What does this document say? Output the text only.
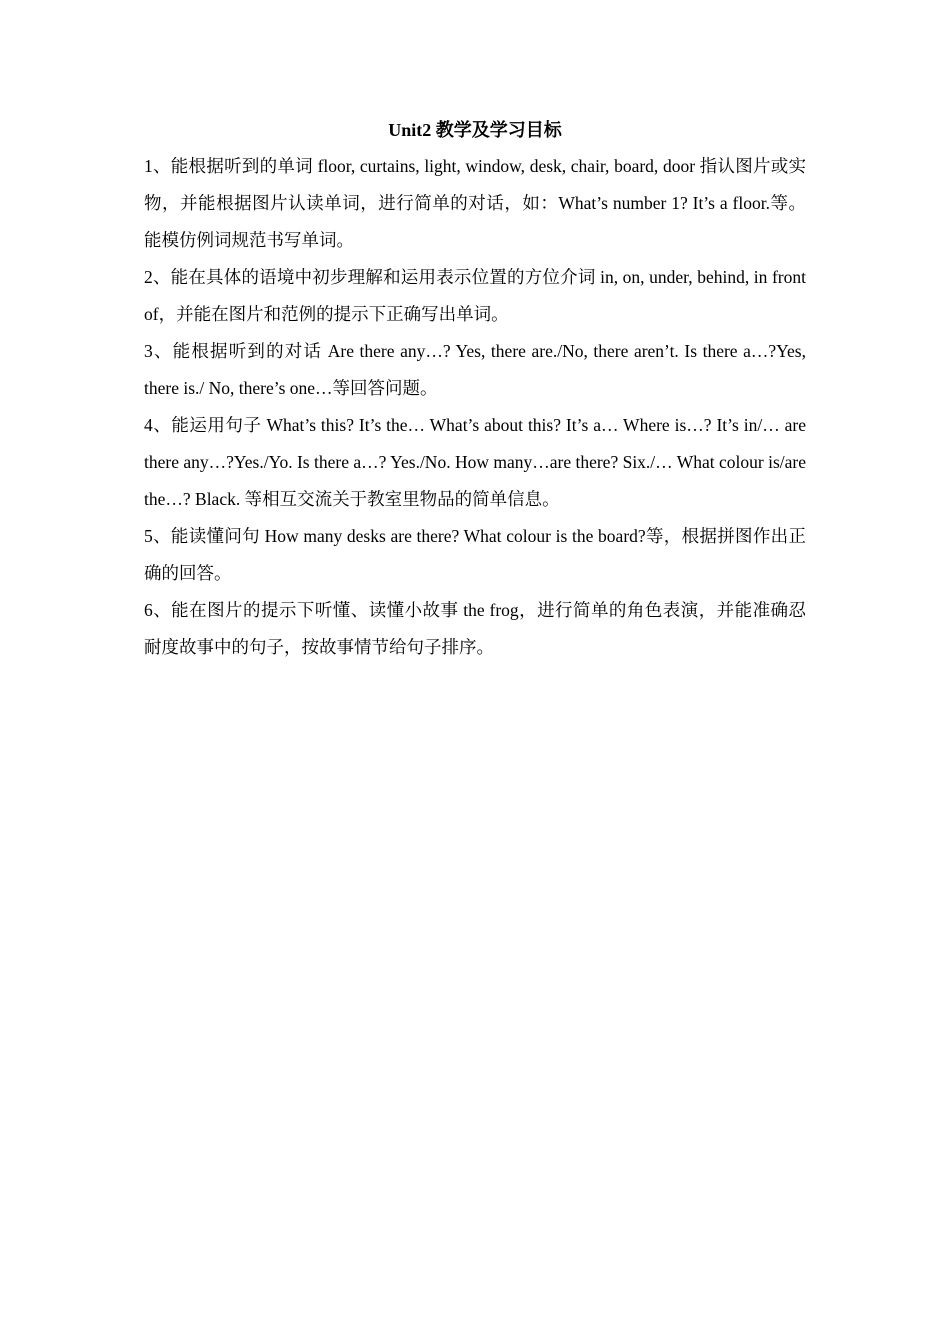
Unit2 教学及学习目标

1、能根据听到的单词 floor, curtains, light, window, desk, chair, board, door 指认图片或实物，并能根据图片认读单词，进行简单的对话，如：What’s number 1? It’s a floor.等。能模仿例词规范书写单词。

2、能在具体的语境中初步理解和运用表示位置的方位介词 in, on, under, behind, in front of，并能在图片和范例的提示下正确写出单词。

3、能根据听到的对话 Are there any…? Yes, there are./No, there aren’t. Is there a…?Yes, there is./ No, there’s one…等回答问题。

4、能运用句子 What’s this? It’s the… What’s about this? It’s a… Where is…? It’s in/… are there any…?Yes./Yo. Is there a…? Yes./No. How many…are there? Six./… What colour is/are the…? Black. 等相互交流关于教室里物品的简单信息。

5、能读懂问句 How many desks are there? What colour is the board?等，根据拼图作出正确的回答。

6、能在图片的提示下听懂、读懂小故事 the frog，进行简单的角色表演，并能准确忍耐度故事中的句子，按故事情节给句子排序。
